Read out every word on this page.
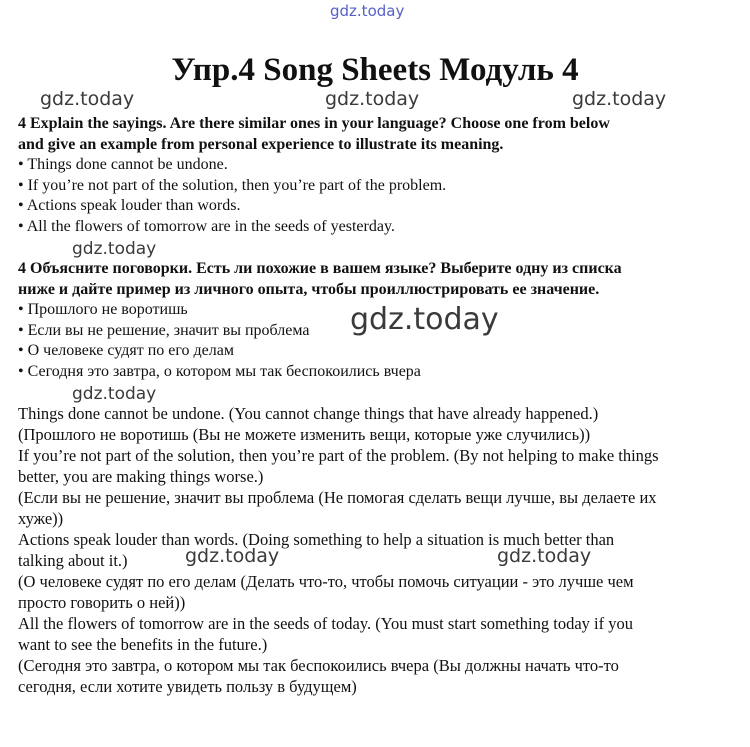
gdz.today
gdz.today	gdz.today	gdz.today
gdz.today
gdz.today
gdz.today
gdz.today	gdz.today
Упр.4 Song Sheets Модуль 4
4 Explain the sayings. Are there similar ones in your language? Choose one from below
and give an example from personal experience to illustrate its meaning.
• Things done cannot be undone.
• If you’re not part of the solution, then you’re part of the problem.
• Actions speak louder than words.
• All the flowers of tomorrow are in the seeds of yesterday.
4 Объясните поговорки. Есть ли похожие в вашем языке? Выберите одну из списка
ниже и дайте пример из личного опыта, чтобы проиллюстрировать ее значение.
• Прошлого не воротишь
• Если вы не решение, значит вы проблема
• О человеке судят по его делам
• Сегодня это завтра, о котором мы так беспокоились вчера
Things done cannot be undone. (You cannot change things that have already happened.)
(Прошлого не воротишь (Вы не можете изменить вещи, которые уже случились))
If you’re not part of the solution, then you’re part of the problem. (By not helping to make things
better, you are making things worse.)
(Если вы не решение, значит вы проблема (Не помогая сделать вещи лучше, вы делаете их
хуже))
Actions speak louder than words. (Doing something to help a situation is much better than
talking about it.)
(О человеке судят по его делам (Делать что-то, чтобы помочь ситуации - это лучше чем
просто говорить о ней))
All the flowers of tomorrow are in the seeds of today. (You must start something today if you
want to see the benefits in the future.)
(Сегодня это завтра, о котором мы так беспокоились вчера (Вы должны начать что-то
сегодня, если хотите увидеть пользу в будущем)
